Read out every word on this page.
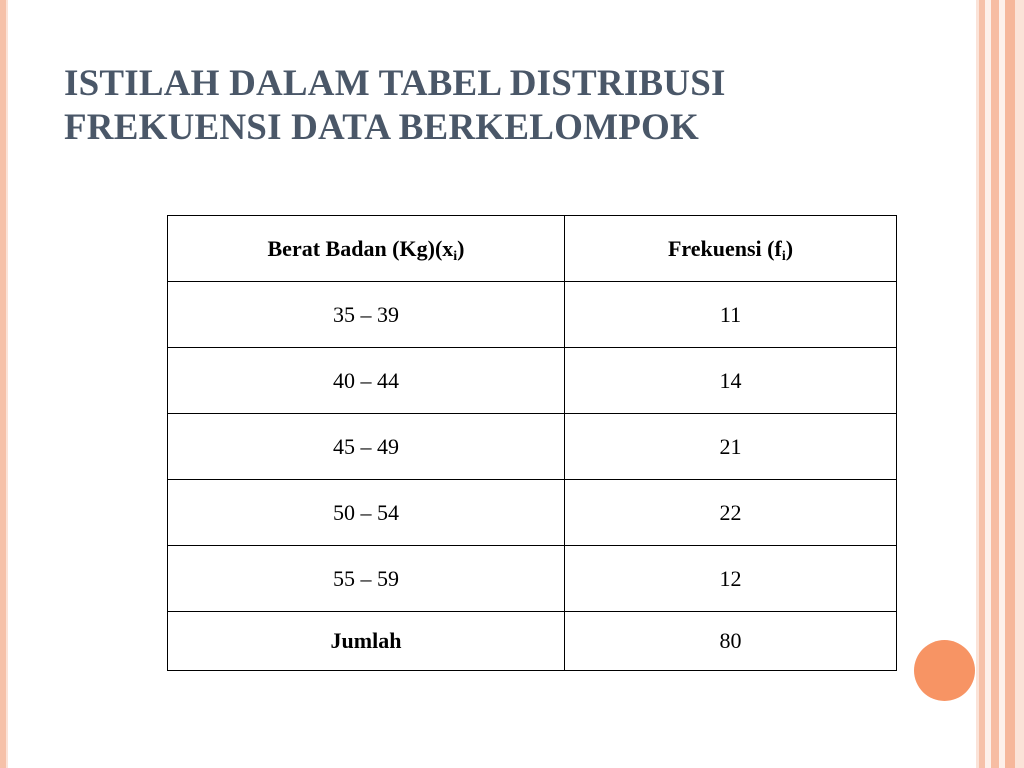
ISTILAH DALAM TABEL DISTRIBUSI
FREKUENSI DATA BERKELOMPOK
Berat Badan $(Kg)(x_i)$	Frekuensi $(f_i)$
35 – 39	11
40 – 44	14
45 – 49	21
50 – 54	22
55 – 59	12
Jumlah	80
